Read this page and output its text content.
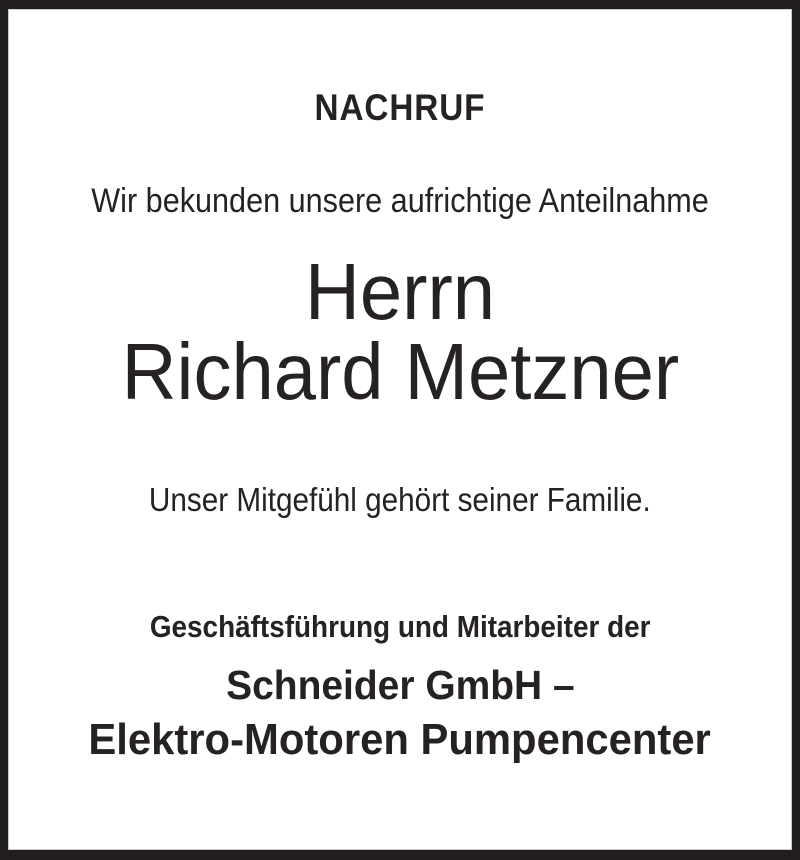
NACHRUF
Wir bekunden unsere aufrichtige Anteilnahme
Herrn
Richard Metzner
Unser Mitgefühl gehört seiner Familie.
Geschäftsführung und Mitarbeiter der
Schneider GmbH –
Elektro-Motoren Pumpencenter
